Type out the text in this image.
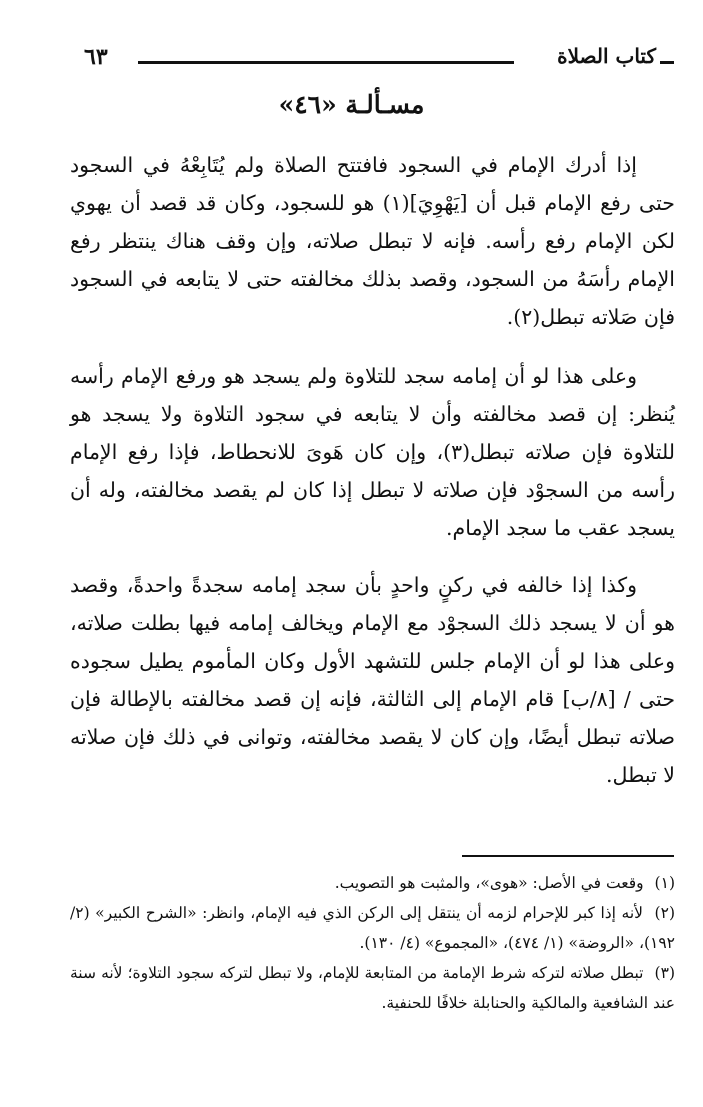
٦٣	كتاب الصلاة
مسـألـة «٤٦»

إذا أدرك الإمام في السجود فافتتح الصلاة ولم يُتَابِعْهُ في السجود حتى رفع الإمام قبل أن [يَهْوِيَ](١) هو للسجود، وكان قد قصد أن يهوي لكن الإمام رفع رأسه. فإنه لا تبطل صلاته، وإن وقف هناك ينتظر رفع الإمام رأسَهُ من السجود، وقصد بذلك مخالفته حتى لا يتابعه في السجود فإن صَلاته تبطل(٢).

وعلى هذا لو أن إمامه سجد للتلاوة ولم يسجد هو ورفع الإمام رأسه يُنظر: إن قصد مخالفته وأن لا يتابعه في سجود التلاوة ولا يسجد هو للتلاوة فإن صلاته تبطل(٣)، وإن كان هَوىَ للانحطاط، فإذا رفع الإمام رأسه من السجوْد فإن صلاته لا تبطل إذا كان لم يقصد مخالفته، وله أن يسجد عقب ما سجد الإمام.

وكذا إذا خالفه في ركنٍ واحدٍ بأن سجد إمامه سجدةً واحدةً، وقصد هو أن لا يسجد ذلك السجوْد مع الإمام ويخالف إمامه فيها بطلت صلاته، وعلى هذا لو أن الإمام جلس للتشهد الأول وكان المأموم يطيل سجوده حتى / [٨/ب] قام الإمام إلى الثالثة، فإنه إن قصد مخالفته بالإطالة فإن صلاته تبطل أيضًا، وإن كان لا يقصد مخالفته، وتوانى في ذلك فإن صلاته لا تبطل.

(١) وقعت في الأصل: «هوى»، والمثبت هو التصويب.

(٢) لأنه إذا كبر للإحرام لزمه أن ينتقل إلى الركن الذي فيه الإمام، وانظر: «الشرح الكبير» (٢/ ١٩٢)، «الروضة» (١/ ٤٧٤)، «المجموع» (٤/ ١٣٠).

(٣) تبطل صلاته لتركه شرط الإمامة من المتابعة للإمام، ولا تبطل لتركه سجود التلاوة؛ لأنه سنة عند الشافعية والمالكية والحنابلة خلافًا للحنفية.
